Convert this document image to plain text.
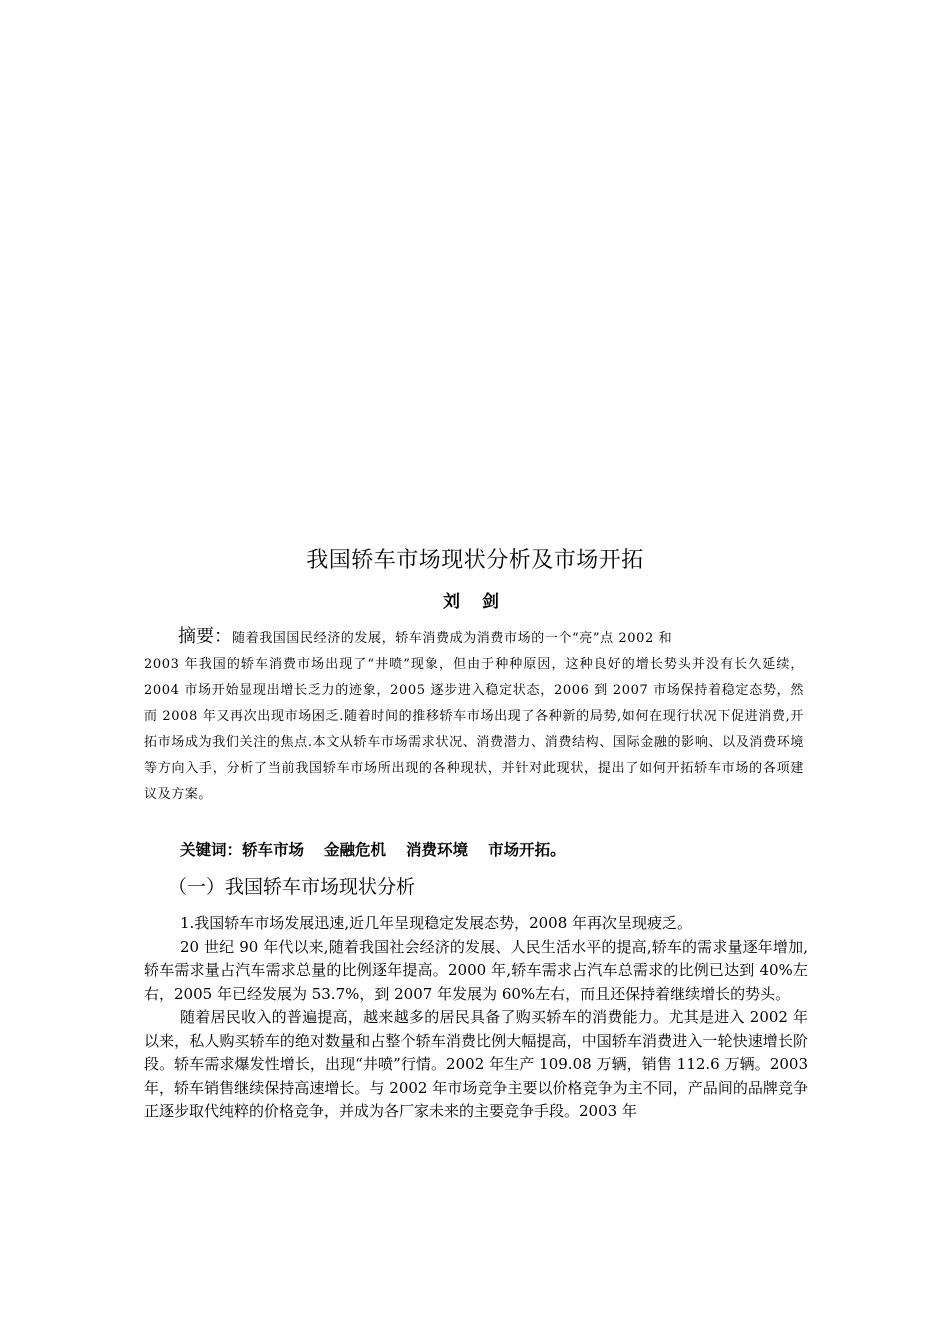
我国轿车市场现状分析及市场开拓
刘 剑
摘要：随着我国国民经济的发展，轿车消费成为消费市场的一个“亮”点 2002 和
2003 年我国的轿车消费市场出现了“井喷”现象，但由于种种原因，这种良好的增长势头并没有长久延续，2004 市场开始显现出增长乏力的迹象，2005 逐步进入稳定状态，2006 到 2007 市场保持着稳定态势，然而 2008 年又再次出现市场困乏.随着时间的推移轿车市场出现了各种新的局势,如何在现行状况下促进消费,开拓市场成为我们关注的焦点.本文从轿车市场需求状况、消费潜力、消费结构、国际金融的影响、以及消费环境等方向入手，分析了当前我国轿车市场所出现的各种现状，并针对此现状，提出了如何开拓轿车市场的各项建议及方案。
关键词：轿车市场 金融危机 消费环境 市场开拓。
（一）我国轿车市场现状分析

1.我国轿车市场发展迅速,近几年呈现稳定发展态势，2008 年再次呈现疲乏。

20 世纪 90 年代以来,随着我国社会经济的发展、人民生活水平的提高,轿车的需求量逐年增加,轿车需求量占汽车需求总量的比例逐年提高。2000 年,轿车需求占汽车总需求的比例已达到 40%左右，2005 年已经发展为 53.7%，到 2007 年发展为 60%左右，而且还保持着继续增长的势头。

随着居民收入的普遍提高，越来越多的居民具备了购买轿车的消费能力。尤其是进入 2002 年以来，私人购买轿车的绝对数量和占整个轿车消费比例大幅提高，中国轿车消费进入一轮快速增长阶段。轿车需求爆发性增长，出现“井喷”行情。2002 年生产 109.08 万辆，销售 112.6 万辆。2003 年，轿车销售继续保持高速增长。与 2002 年市场竞争主要以价格竞争为主不同，产品间的品牌竞争正逐步取代纯粹的价格竞争，并成为各厂家未来的主要竞争手段。2003 年
